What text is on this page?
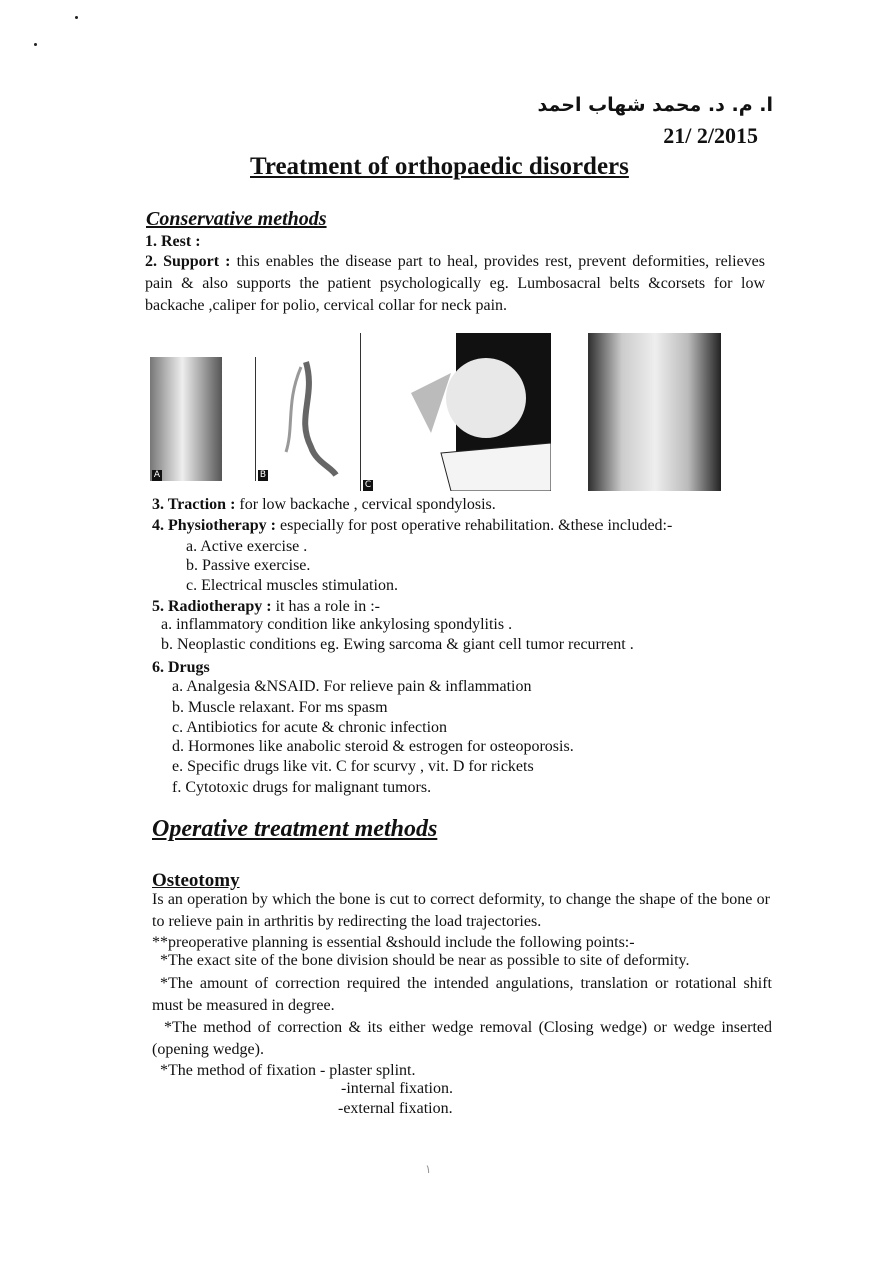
ا. م. د. محمد شهاب احمد
21/ 2/2015
Treatment of orthopaedic disorders
Conservative methods
1. Rest :
2. Support : this enables the disease part to heal, provides rest, prevent deformities, relieves pain & also supports the patient psychologically eg. Lumbosacral belts &corsets for low backache ,caliper for polio, cervical collar for neck pain.
A	B
C
3. Traction : for low backache , cervical spondylosis.
4. Physiotherapy : especially for post operative rehabilitation. &these included:-
a. Active exercise .
b. Passive exercise.
c. Electrical muscles stimulation.
5. Radiotherapy : it has a role in :-
a. inflammatory condition like ankylosing spondylitis .
b. Neoplastic conditions eg. Ewing sarcoma & giant cell tumor recurrent .
6. Drugs
a. Analgesia &NSAID. For relieve pain & inflammation
b. Muscle relaxant. For ms spasm
c. Antibiotics for acute & chronic infection
d. Hormones like anabolic steroid & estrogen for osteoporosis.
e. Specific drugs like vit. C for scurvy , vit. D for rickets
f. Cytotoxic drugs for malignant tumors.
Operative treatment methods
Osteotomy
Is an operation by which the bone is cut to correct deformity, to change the shape of the bone or to relieve pain in arthritis by redirecting the load trajectories.
**preoperative planning is essential &should include the following points:-
*The exact site of the bone division should be near as possible to site of deformity.
*The amount of correction required the intended angulations, translation or rotational shift must be measured in degree.
*The method of correction & its either wedge removal (Closing wedge) or wedge inserted (opening wedge).
*The method of fixation - plaster splint.
-internal fixation.
-external fixation.
١
